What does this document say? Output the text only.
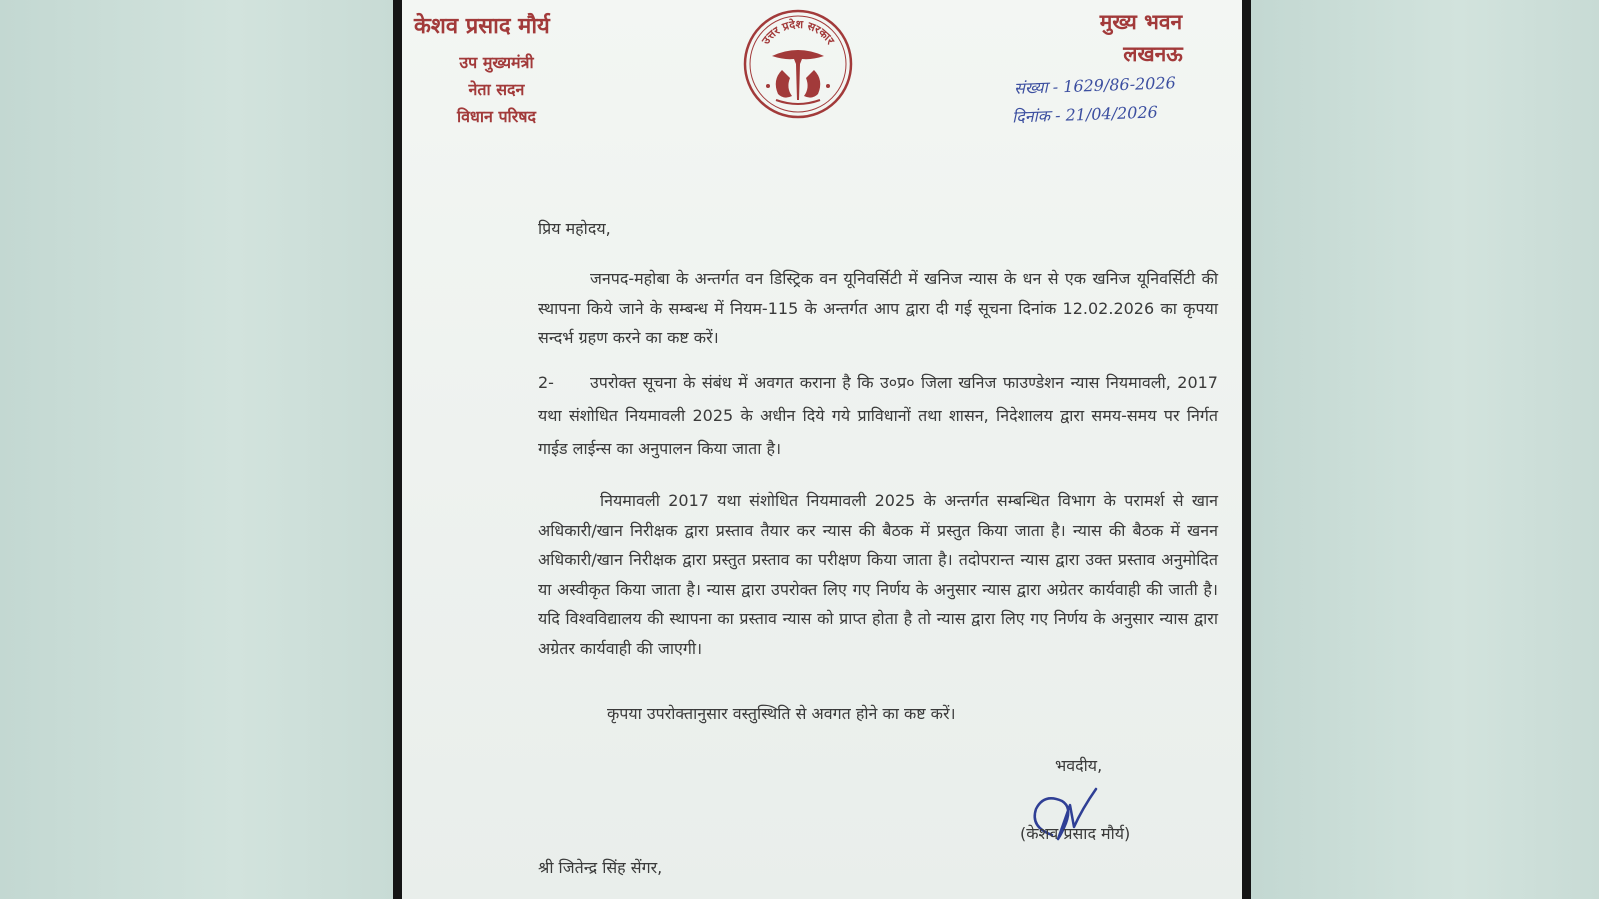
केशव प्रसाद मौर्य
उप मुख्यमंत्री
नेता सदन
विधान परिषद
उत्तर प्रदेश सरकार
मुख्य भवन
लखनऊ
संख्या - 1629/86-2026
दिनांक - 21/04/2026
प्रिय महोदय,
जनपद-महोबा के अन्तर्गत वन डिस्ट्रिक वन यूनिवर्सिटी में खनिज न्यास के धन से एक खनिज यूनिवर्सिटी की स्थापना किये जाने के सम्बन्ध में नियम-115 के अन्तर्गत आप द्वारा दी गई सूचना दिनांक 12.02.2026 का कृपया सन्दर्भ ग्रहण करने का कष्ट करें।
2- उपरोक्त सूचना के संबंध में अवगत कराना है कि उ०प्र० जिला खनिज फाउण्डेशन न्यास नियमावली, 2017 यथा संशोधित नियमावली 2025 के अधीन दिये गये प्राविधानों तथा शासन, निदेशालय द्वारा समय-समय पर निर्गत गाईड लाईन्स का अनुपालन किया जाता है।
नियमावली 2017 यथा संशोधित नियमावली 2025 के अन्तर्गत सम्बन्धित विभाग के परामर्श से खान अधिकारी/खान निरीक्षक द्वारा प्रस्ताव तैयार कर न्यास की बैठक में प्रस्तुत किया जाता है। न्यास की बैठक में खनन अधिकारी/खान निरीक्षक द्वारा प्रस्तुत प्रस्ताव का परीक्षण किया जाता है। तदोपरान्त न्यास द्वारा उक्त प्रस्ताव अनुमोदित या अस्वीकृत किया जाता है। न्यास द्वारा उपरोक्त लिए गए निर्णय के अनुसार न्यास द्वारा अग्रेतर कार्यवाही की जाती है। यदि विश्वविद्यालय की स्थापना का प्रस्ताव न्यास को प्राप्त होता है तो न्यास द्वारा लिए गए निर्णय के अनुसार न्यास द्वारा अग्रेतर कार्यवाही की जाएगी।
कृपया उपरोक्तानुसार वस्तुस्थिति से अवगत होने का कष्ट करें।
भवदीय,
(केशव प्रसाद मौर्य)
श्री जितेन्द्र सिंह सेंगर,
